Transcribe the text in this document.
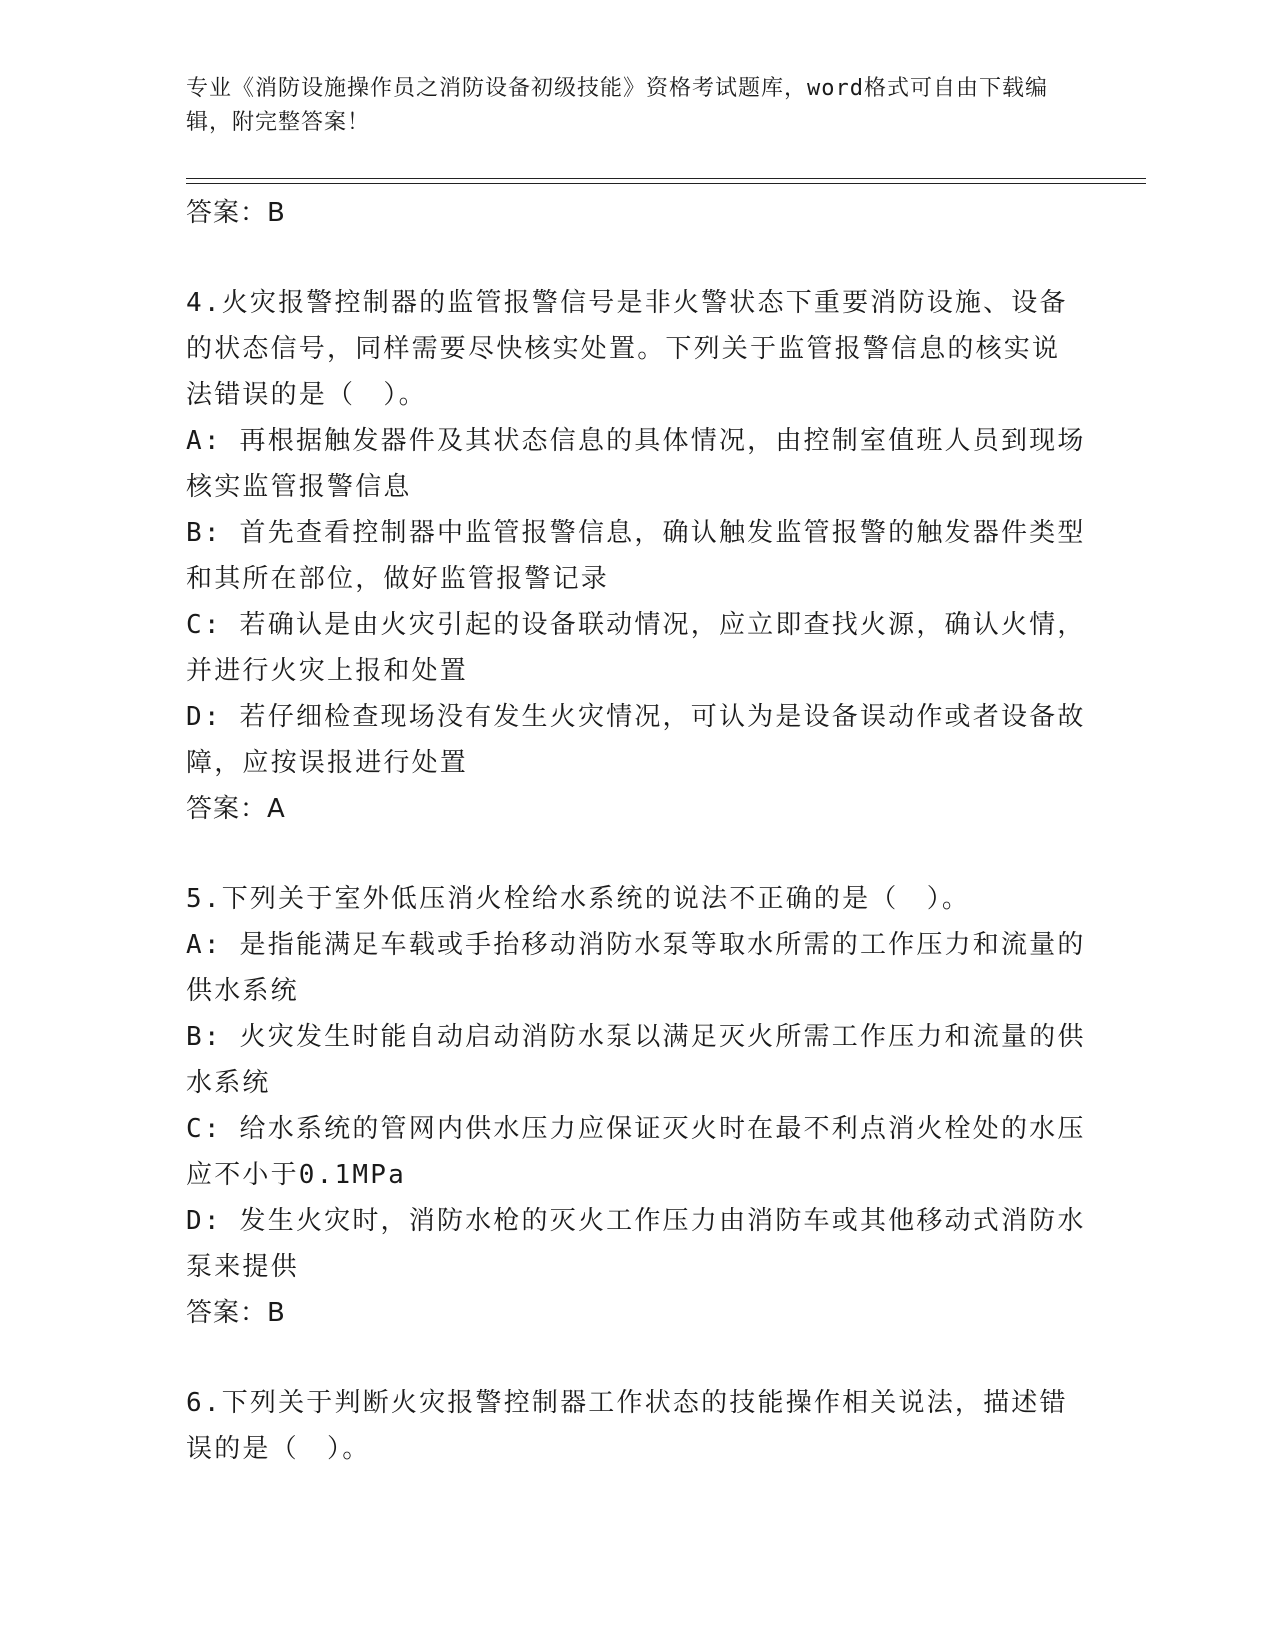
专业《消防设施操作员之消防设备初级技能》资格考试题库，word格式可自由下载编辑，附完整答案！

答案：B

4.火灾报警控制器的监管报警信号是非火警状态下重要消防设施、设备的状态信号，同样需要尽快核实处置。下列关于监管报警信息的核实说法错误的是（　）。

A: 再根据触发器件及其状态信息的具体情况，由控制室值班人员到现场核实监管报警信息

B: 首先查看控制器中监管报警信息，确认触发监管报警的触发器件类型和其所在部位，做好监管报警记录

C: 若确认是由火灾引起的设备联动情况，应立即查找火源，确认火情，并进行火灾上报和处置

D: 若仔细检查现场没有发生火灾情况，可认为是设备误动作或者设备故障，应按误报进行处置

答案：A

5.下列关于室外低压消火栓给水系统的说法不正确的是（　）。

A: 是指能满足车载或手抬移动消防水泵等取水所需的工作压力和流量的供水系统

B: 火灾发生时能自动启动消防水泵以满足灭火所需工作压力和流量的供水系统

C: 给水系统的管网内供水压力应保证灭火时在最不利点消火栓处的水压应不小于0.1MPa

D: 发生火灾时，消防水枪的灭火工作压力由消防车或其他移动式消防水泵来提供

答案：B

6.下列关于判断火灾报警控制器工作状态的技能操作相关说法，描述错误的是（　）。
